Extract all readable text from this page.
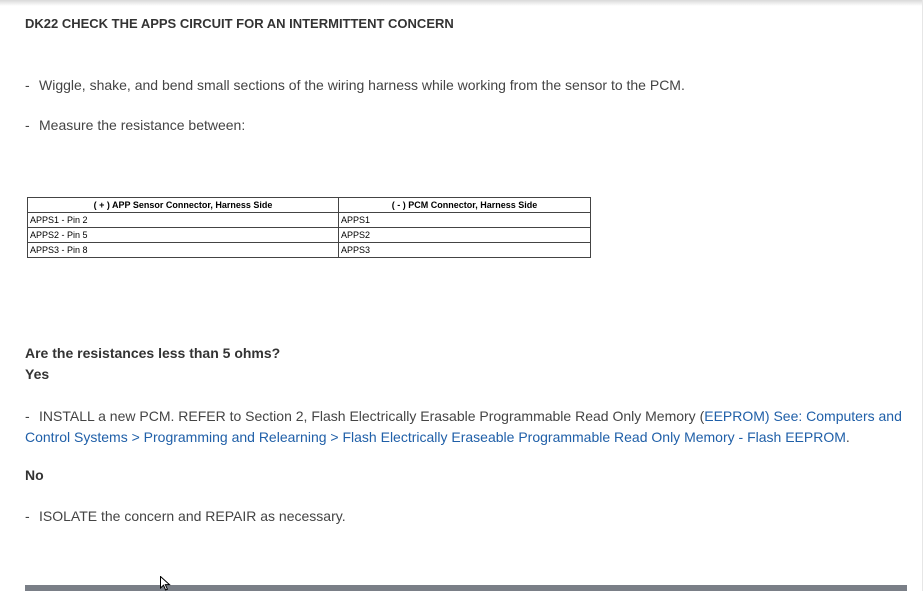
DK22 CHECK THE APPS CIRCUIT FOR AN INTERMITTENT CONCERN

- Wiggle, shake, and bend small sections of the wiring harness while working from the sensor to the PCM.

- Measure the resistance between:

( + ) APP Sensor Connector, Harness Side	( - ) PCM Connector, Harness Side
APPS1 - Pin 2	APPS1
APPS2 - Pin 5	APPS2
APPS3 - Pin 8	APPS3

Are the resistances less than 5 ohms?

Yes

- INSTALL a new PCM. REFER to Section 2, Flash Electrically Erasable Programmable Read Only Memory (EEPROM) See: Computers and Control Systems > Programming and Relearning > Flash Electrically Eraseable Programmable Read Only Memory - Flash EEPROM.

No

- ISOLATE the concern and REPAIR as necessary.
